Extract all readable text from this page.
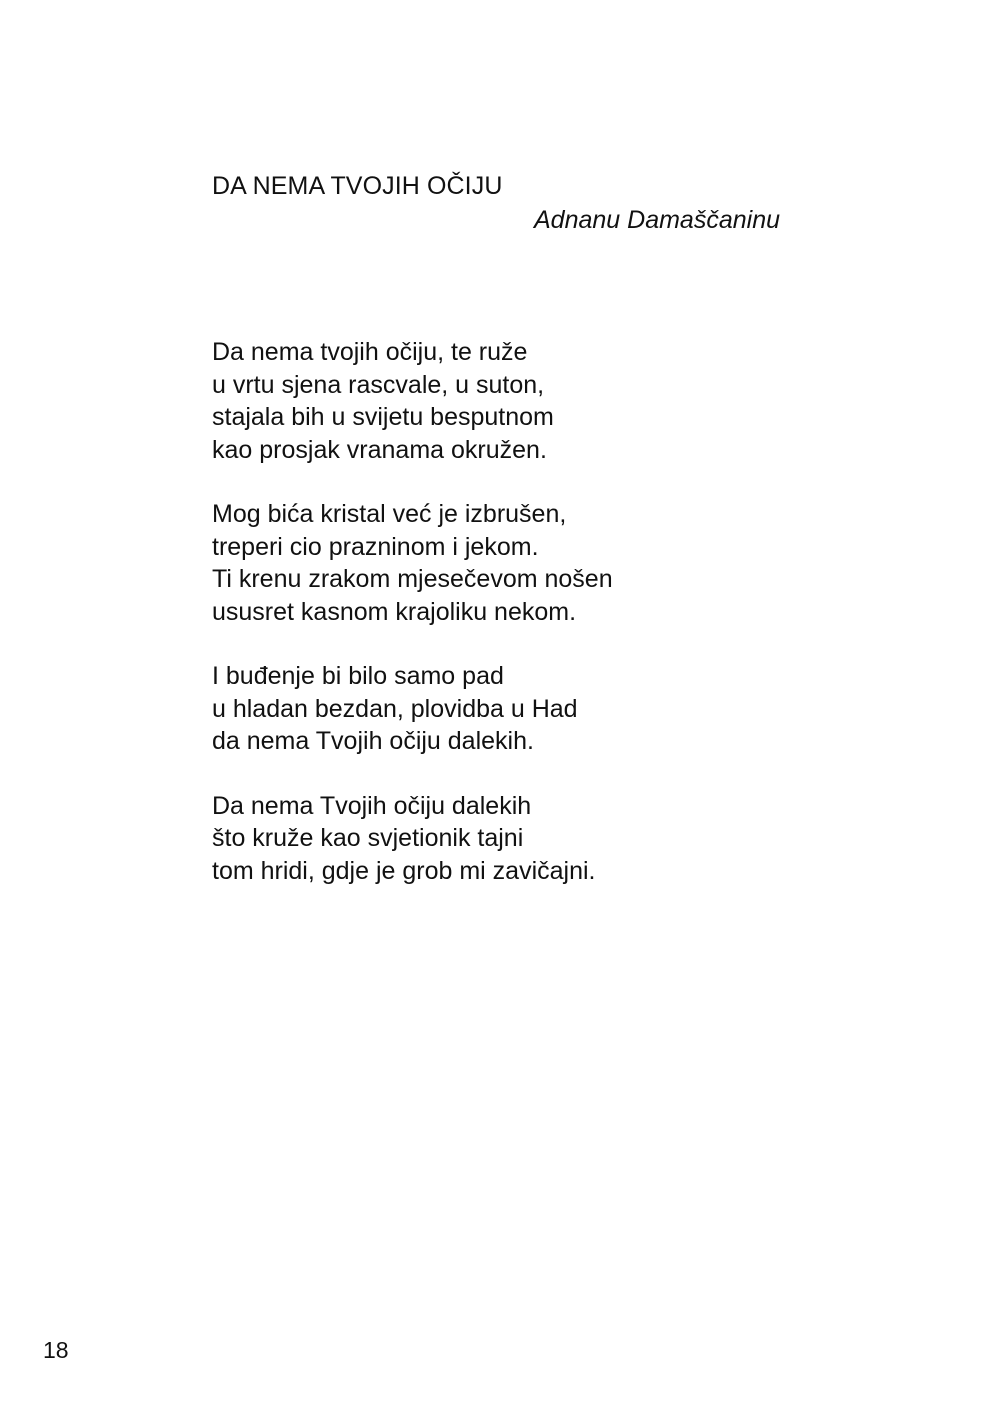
DA NEMA TVOJIH OČIJU

Adnanu Damaščaninu

Da nema tvojih očiju, te ruže
u vrtu sjena rascvale, u suton,
stajala bih u svijetu besputnom
kao prosjak vranama okružen.
Mog bića kristal već je izbrušen,
treperi cio prazninom i jekom.
Ti krenu zrakom mjesečevom nošen
ususret kasnom krajoliku nekom.
I buđenje bi bilo samo pad
u hladan bezdan, plovidba u Had
da nema Tvojih očiju dalekih.
Da nema Tvojih očiju dalekih
što kruže kao svjetionik tajni
tom hridi, gdje je grob mi zavičajni.
18
